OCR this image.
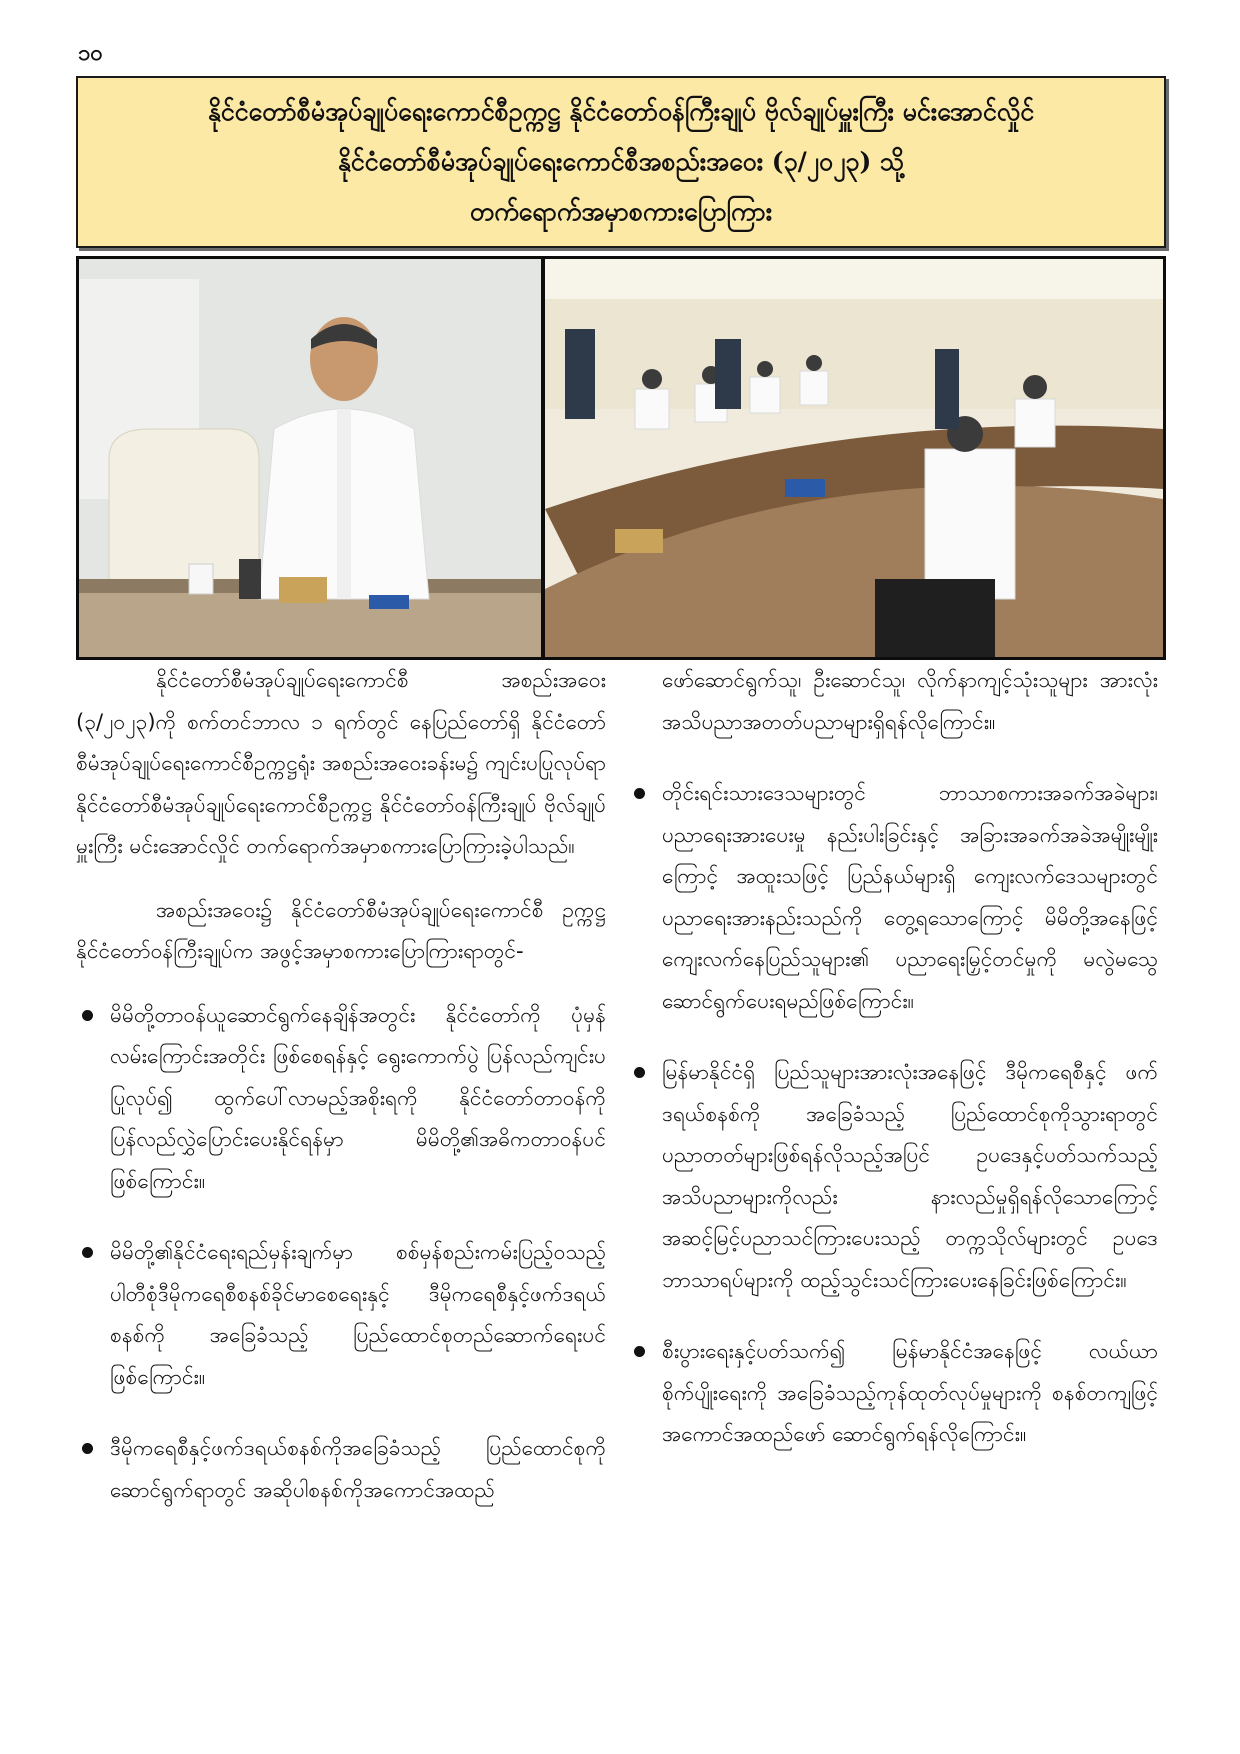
၁၀
နိုင်ငံတော်စီမံအုပ်ချုပ်ရေးကောင်စီဥက္ကဋ္ဌ နိုင်ငံတော်ဝန်ကြီးချုပ် ဗိုလ်ချုပ်မှူးကြီး မင်းအောင်လှိုင်
နိုင်ငံတော်စီမံအုပ်ချုပ်ရေးကောင်စီအစည်းအဝေး (၃/၂၀၂၃) သို့
တက်ရောက်အမှာစကားပြောကြား

နိုင်ငံတော်စီမံအုပ်ချုပ်ရေးကောင်စီ အစည်းအဝေး (၃/၂၀၂၃)ကို စက်တင်ဘာလ ၁ ရက်တွင် နေပြည်တော်ရှိ နိုင်ငံတော်စီမံအုပ်ချုပ်ရေးကောင်စီဥက္ကဋ္ဌရုံး အစည်းအဝေးခန်းမ၌ ကျင်းပပြုလုပ်ရာ နိုင်ငံတော်စီမံအုပ်ချုပ်ရေးကောင်စီဥက္ကဋ္ဌ နိုင်ငံတော်ဝန်ကြီးချုပ် ဗိုလ်ချုပ်မှူးကြီး မင်းအောင်လှိုင် တက်ရောက်အမှာစကားပြောကြားခဲ့ပါသည်။

အစည်းအဝေး၌ နိုင်ငံတော်စီမံအုပ်ချုပ်ရေးကောင်စီ ဥက္ကဋ္ဌ နိုင်ငံတော်ဝန်ကြီးချုပ်က အဖွင့်အမှာစကားပြောကြားရာတွင်-

မိမိတို့တာဝန်ယူဆောင်ရွက်နေချိန်အတွင်း နိုင်ငံတော်ကို ပုံမှန်လမ်းကြောင်းအတိုင်း ဖြစ်စေရန်နှင့် ရွေးကောက်ပွဲ ပြန်လည်ကျင်းပပြုလုပ်၍ ထွက်ပေါ်လာမည့်အစိုးရကို နိုင်ငံတော်တာဝန်ကို ပြန်လည်လွှဲပြောင်းပေးနိုင်ရန်မှာ မိမိတို့၏အဓိကတာဝန်ပင်ဖြစ်ကြောင်း။
မိမိတို့၏နိုင်ငံရေးရည်မှန်းချက်မှာ စစ်မှန်စည်းကမ်းပြည့်ဝသည့် ပါတီစုံဒီမိုကရေစီစနစ်ခိုင်မာစေရေးနှင့် ဒီမိုကရေစီနှင့်ဖက်ဒရယ်စနစ်ကို အခြေခံသည့် ပြည်ထောင်စုတည်ဆောက်ရေးပင်ဖြစ်ကြောင်း။
ဒီမိုကရေစီနှင့်ဖက်ဒရယ်စနစ်ကိုအခြေခံသည့် ပြည်ထောင်စုကို ဆောင်ရွက်ရာတွင် အဆိုပါစနစ်ကိုအကောင်အထည်

ဖော်ဆောင်ရွက်သူ၊ ဦးဆောင်သူ၊ လိုက်နာကျင့်သုံးသူများ အားလုံး အသိပညာအတတ်ပညာများရှိရန်လိုကြောင်း။

တိုင်းရင်းသားဒေသများတွင် ဘာသာစကားအခက်အခဲများ၊ ပညာရေးအားပေးမှု နည်းပါးခြင်းနှင့် အခြားအခက်အခဲအမျိုးမျိုးကြောင့် အထူးသဖြင့် ပြည်နယ်များရှိ ကျေးလက်ဒေသများတွင် ပညာရေးအားနည်းသည်ကို တွေ့ရသောကြောင့် မိမိတို့အနေဖြင့် ကျေးလက်နေပြည်သူများ၏ ပညာရေးမြှင့်တင်မှုကို မလွဲမသွေ ဆောင်ရွက်ပေးရမည်ဖြစ်ကြောင်း။
မြန်မာနိုင်ငံရှိ ပြည်သူများအားလုံးအနေဖြင့် ဒီမိုကရေစီနှင့် ဖက်ဒရယ်စနစ်ကို အခြေခံသည့် ပြည်ထောင်စုကိုသွားရာတွင် ပညာတတ်များဖြစ်ရန်လိုသည့်အပြင် ဥပဒေနှင့်ပတ်သက်သည့် အသိပညာများကိုလည်း နားလည်မှုရှိရန်လိုသောကြောင့် အဆင့်မြင့်ပညာသင်ကြားပေးသည့် တက္ကသိုလ်များတွင် ဥပဒေဘာသာရပ်များကို ထည့်သွင်းသင်ကြားပေးနေခြင်းဖြစ်ကြောင်း။
စီးပွားရေးနှင့်ပတ်သက်၍ မြန်မာနိုင်ငံအနေဖြင့် လယ်ယာစိုက်ပျိုးရေးကို အခြေခံသည့်ကုန်ထုတ်လုပ်မှုများကို စနစ်တကျဖြင့် အကောင်အထည်ဖော် ဆောင်ရွက်ရန်လိုကြောင်း။
